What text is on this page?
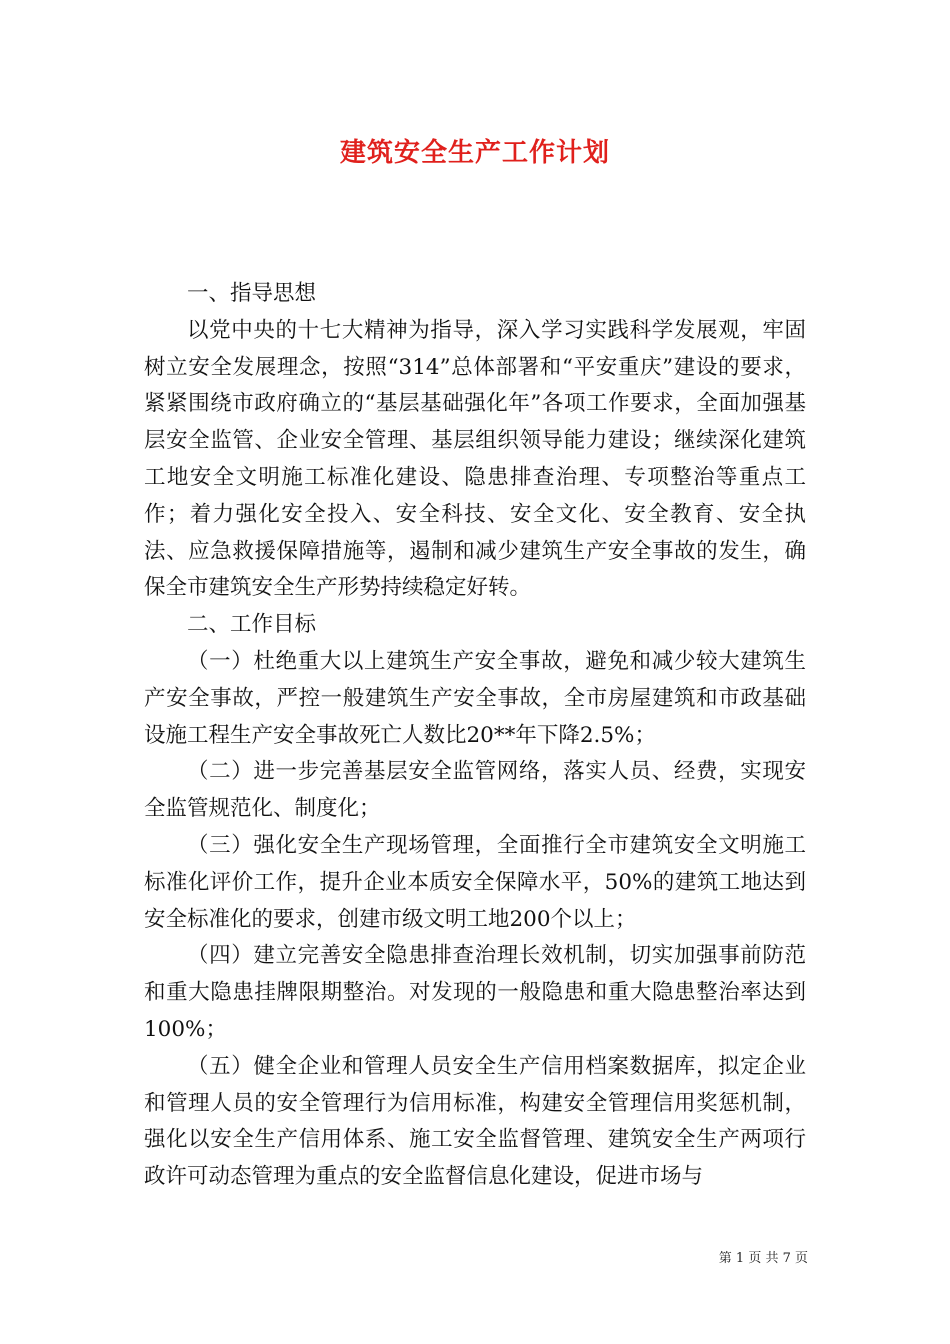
建筑安全生产工作计划

一、指导思想

以党中央的十七大精神为指导，深入学习实践科学发展观，牢固树立安全发展理念，按照“314”总体部署和“平安重庆”建设的要求，紧紧围绕市政府确立的“基层基础强化年”各项工作要求，全面加强基层安全监管、企业安全管理、基层组织领导能力建设；继续深化建筑工地安全文明施工标准化建设、隐患排查治理、专项整治等重点工作；着力强化安全投入、安全科技、安全文化、安全教育、安全执法、应急救援保障措施等，遏制和减少建筑生产安全事故的发生，确保全市建筑安全生产形势持续稳定好转。

二、工作目标

（一）杜绝重大以上建筑生产安全事故，避免和减少较大建筑生产安全事故，严控一般建筑生产安全事故，全市房屋建筑和市政基础设施工程生产安全事故死亡人数比20**年下降2.5%；

（二）进一步完善基层安全监管网络，落实人员、经费，实现安全监管规范化、制度化；

（三）强化安全生产现场管理，全面推行全市建筑安全文明施工标准化评价工作，提升企业本质安全保障水平，50%的建筑工地达到安全标准化的要求，创建市级文明工地200个以上；

（四）建立完善安全隐患排查治理长效机制，切实加强事前防范和重大隐患挂牌限期整治。对发现的一般隐患和重大隐患整治率达到100%；

（五）健全企业和管理人员安全生产信用档案数据库，拟定企业和管理人员的安全管理行为信用标准，构建安全管理信用奖惩机制，强化以安全生产信用体系、施工安全监督管理、建筑安全生产两项行政许可动态管理为重点的安全监督信息化建设，促进市场与

第 1 页 共 7 页
